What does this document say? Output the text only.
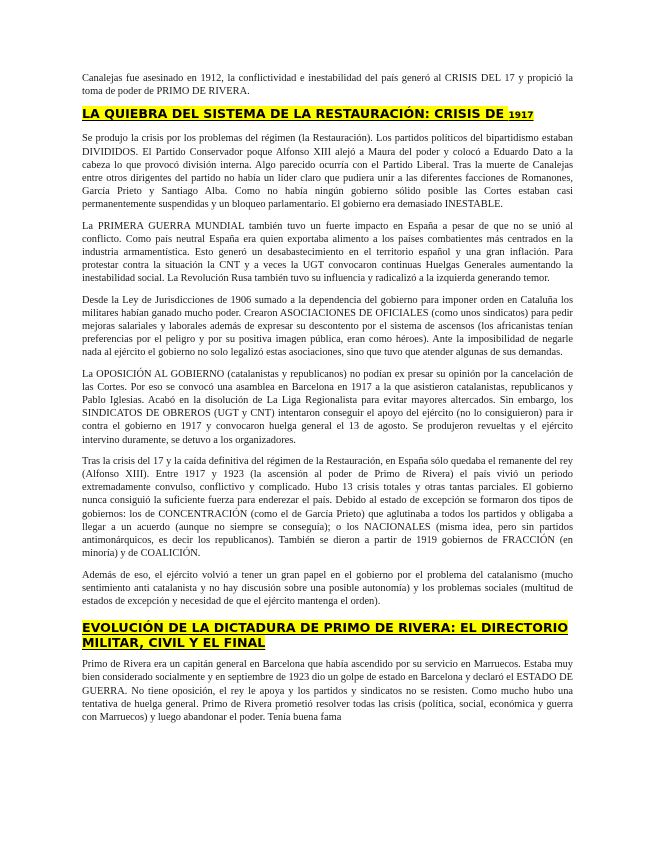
Canalejas fue asesinado en 1912, la conflictividad e inestabilidad del país generó al CRISIS DEL 17 y propició la toma de poder de PRIMO DE RIVERA.

LA QUIEBRA DEL SISTEMA DE LA RESTAURACIÓN: CRISIS DE 1917

Se produjo la crisis por los problemas del régimen (la Restauración). Los partidos políticos del bipartidismo estaban DIVIDIDOS. El Partido Conservador poque Alfonso XIII alejó a Maura del poder y colocó a Eduardo Dato a la cabeza lo que provocó división interna. Algo parecido ocurría con el Partido Liberal. Tras la muerte de Canalejas entre otros dirigentes del partido no había un líder claro que pudiera unir a las diferentes facciones de Romanones, García Prieto y Santiago Alba. Como no había ningún gobierno sólido posible las Cortes estaban casi permanentemente suspendidas y un bloqueo parlamentario. El gobierno era demasiado INESTABLE.

La PRIMERA GUERRA MUNDIAL también tuvo un fuerte impacto en España a pesar de que no se unió al conflicto. Como país neutral España era quien exportaba alimento a los países combatientes más centrados en la industria armamentística. Esto generó un desabastecimiento en el territorio español y una gran inflación. Para protestar contra la situación la CNT y a veces la UGT convocaron continuas Huelgas Generales aumentando la inestabilidad social. La Revolución Rusa también tuvo su influencia y radicalizó a la izquierda generando temor.

Desde la Ley de Jurisdicciones de 1906 sumado a la dependencia del gobierno para imponer orden en Cataluña los militares habían ganado mucho poder. Crearon ASOCIACIONES DE OFICIALES (como unos sindicatos) para pedir mejoras salariales y laborales además de expresar su descontento por el sistema de ascensos (los africanistas tenían preferencias por el peligro y por su positiva imagen pública, eran como héroes). Ante la imposibilidad de negarle nada al ejército el gobierno no solo legalizó estas asociaciones, sino que tuvo que atender algunas de sus demandas.

La OPOSICIÓN AL GOBIERNO (catalanistas y republicanos) no podían ex presar su opinión por la cancelación de las Cortes. Por eso se convocó una asamblea en Barcelona en 1917 a la que asistieron catalanistas, republicanos y Pablo Iglesias. Acabó en la disolución de La Liga Regionalista para evitar mayores altercados. Sin embargo, los SINDICATOS DE OBREROS (UGT y CNT) intentaron conseguir el apoyo del ejército (no lo consiguieron) para ir contra el gobierno en 1917 y convocaron huelga general el 13 de agosto. Se produjeron revueltas y el ejército intervino duramente, se detuvo a los organizadores.

Tras la crisis del 17 y la caída definitiva del régimen de la Restauración, en España sólo quedaba el remanente del rey (Alfonso XIII). Entre 1917 y 1923 (la ascensión al poder de Primo de Rivera) el país vivió un periodo extremadamente convulso, conflictivo y complicado. Hubo 13 crisis totales y otras tantas parciales. El gobierno nunca consiguió la suficiente fuerza para enderezar el país. Debido al estado de excepción se formaron dos tipos de gobiernos: los de CONCENTRACIÓN (como el de García Prieto) que aglutinaba a todos los partidos y obligaba a llegar a un acuerdo (aunque no siempre se conseguía); o los NACIONALES (misma idea, pero sin partidos antimonárquicos, es decir los republicanos). También se dieron a partir de 1919 gobiernos de FRACCIÓN (en minoría) y de COALICIÓN.

Además de eso, el ejército volvió a tener un gran papel en el gobierno por el problema del catalanismo (mucho sentimiento anti catalanista y no hay discusión sobre una posible autonomía) y los problemas sociales (multitud de estados de excepción y necesidad de que el ejército mantenga el orden).

EVOLUCIÓN DE LA DICTADURA DE PRIMO DE RIVERA: EL DIRECTORIO MILITAR, CIVIL Y EL FINAL

Primo de Rivera era un capitán general en Barcelona que había ascendido por su servicio en Marruecos. Estaba muy bien considerado socialmente y en septiembre de 1923 dio un golpe de estado en Barcelona y declaró el ESTADO DE GUERRA. No tiene oposición, el rey le apoya y los partidos y sindicatos no se resisten. Como mucho hubo una tentativa de huelga general. Primo de Rivera prometió resolver todas las crisis (política, social, económica y guerra con Marruecos) y luego abandonar el poder. Tenía buena fama
